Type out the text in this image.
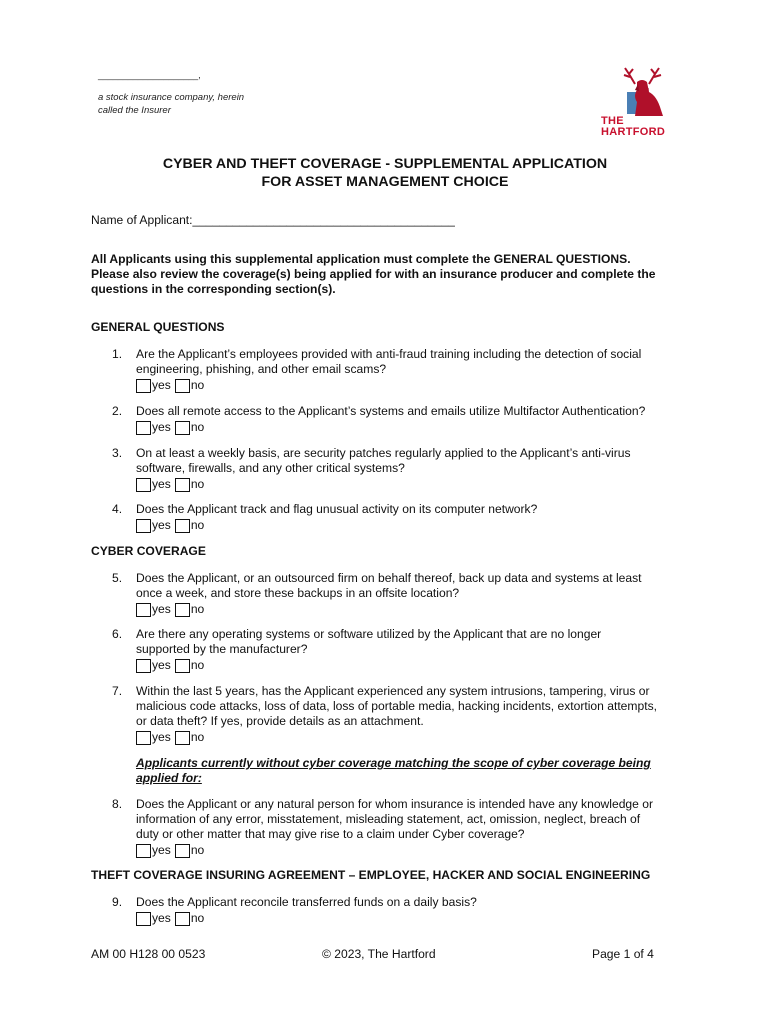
____________________,
a stock insurance company, herein
called the Insurer
THE
HARTFORD
CYBER AND THEFT COVERAGE - SUPPLEMENTAL APPLICATION
FOR ASSET MANAGEMENT CHOICE
Name of Applicant:_______________________________________
All Applicants using this supplemental application must complete the GENERAL QUESTIONS.
Please also review the coverage(s) being applied for with an insurance producer and complete the
questions in the corresponding section(s).
GENERAL QUESTIONS
1. Are the Applicant’s employees provided with anti-fraud training including the detection of social
engineering, phishing, and other email scams?
yes no
2. Does all remote access to the Applicant’s systems and emails utilize Multifactor Authentication?
yes no
3. On at least a weekly basis, are security patches regularly applied to the Applicant’s anti-virus
software, firewalls, and any other critical systems?
yes no
4. Does the Applicant track and flag unusual activity on its computer network?
yes no
CYBER COVERAGE
5. Does the Applicant, or an outsourced firm on behalf thereof, back up data and systems at least
once a week, and store these backups in an offsite location?
yes no
6. Are there any operating systems or software utilized by the Applicant that are no longer
supported by the manufacturer?
yes no
7. Within the last 5 years, has the Applicant experienced any system intrusions, tampering, virus or
malicious code attacks, loss of data, loss of portable media, hacking incidents, extortion attempts,
or data theft? If yes, provide details as an attachment.
yes no
Applicants currently without cyber coverage matching the scope of cyber coverage being
applied for:
8. Does the Applicant or any natural person for whom insurance is intended have any knowledge or
information of any error, misstatement, misleading statement, act, omission, neglect, breach of
duty or other matter that may give rise to a claim under Cyber coverage?
yes no
THEFT COVERAGE INSURING AGREEMENT – EMPLOYEE, HACKER AND SOCIAL ENGINEERING
9. Does the Applicant reconcile transferred funds on a daily basis?
yes no
AM 00 H128 00 0523	© 2023, The Hartford	Page 1 of 4
